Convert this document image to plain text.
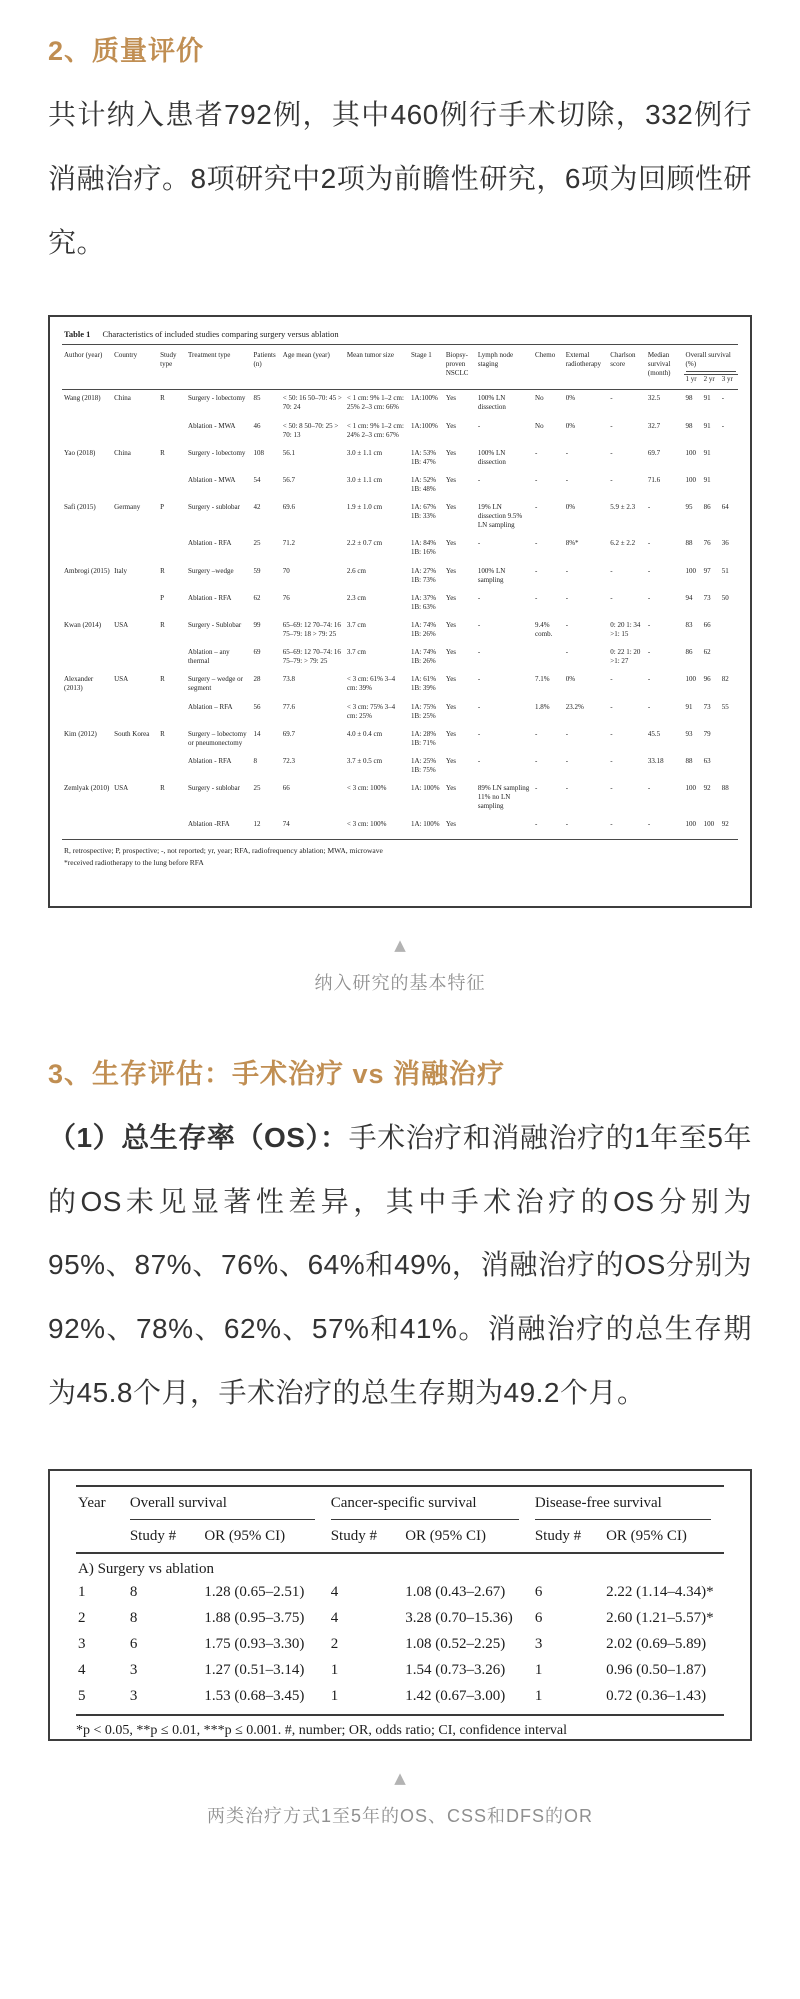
2、质量评价

共计纳入患者792例，其中460例行手术切除，332例行消融治疗。8项研究中2项为前瞻性研究，6项为回顾性研究。

Table 1 Characteristics of included studies comparing surgery versus ablation
Author (year)	Country	Study type	Treatment type	Patients (n)	Age mean (year)	Mean tumor size	Stage 1	Biopsy-proven NSCLC	Lymph node staging	Chemo	External radiotherapy	Charlson score	Median survival (month)	Overall survival (%)		

														1 yr	2 yr	3 yr
Wang (2018)	China	R	Surgery - lobectomy	85	< 50: 16 50–70: 45 > 70: 24	< 1 cm: 9% 1–2 cm: 25% 2–3 cm: 66%	1A:100%	Yes	100% LN dissection	No	0%	-	32.5	98	91	-
			Ablation - MWA	46	< 50: 8 50–70: 25 > 70: 13	< 1 cm: 9% 1–2 cm: 24% 2–3 cm: 67%	1A:100%	Yes	-	No	0%	-	32.7	98	91	-
Yao (2018)	China	R	Surgery - lobectomy	108	56.1	3.0 ± 1.1 cm	1A: 53% 1B: 47%	Yes	100% LN dissection	-	-	-	69.7	100	91	
			Ablation - MWA	54	56.7	3.0 ± 1.1 cm	1A: 52% 1B: 48%	Yes	-	-	-	-	71.6	100	91	
Safi (2015)	Germany	P	Surgery - sublobar	42	69.6	1.9 ± 1.0 cm	1A: 67% 1B: 33%	Yes	19% LN dissection 9.5% LN sampling	-	0%	5.9 ± 2.3	-	95	86	64
			Ablation - RFA	25	71.2	2.2 ± 0.7 cm	1A: 84% 1B: 16%	Yes	-	-	8%*	6.2 ± 2.2	-	88	76	36
Ambrogi (2015)	Italy	R	Surgery –wedge	59	70	2.6 cm	1A: 27% 1B: 73%	Yes	100% LN sampling	-	-	-	-	100	97	51
		P	Ablation - RFA	62	76	2.3 cm	1A: 37% 1B: 63%	Yes	-	-	-	-	-	94	73	50
Kwan (2014)	USA	R	Surgery - Sublobar	99	65–69: 12 70–74: 16 75–79: 18 > 79: 25	3.7 cm	1A: 74% 1B: 26%	Yes	-	9.4% comb.	-	0: 20 1: 34 >1: 15	-	83	66	
			Ablation – any thermal	69	65–69: 12 70–74: 16 75–79: > 79: 25	3.7 cm	1A: 74% 1B: 26%	Yes	-		-	0: 22 1: 20 >1: 27	-	86	62	
Alexander (2013)	USA	R	Surgery – wedge or segment	28	73.8	< 3 cm: 61% 3–4 cm: 39%	1A: 61% 1B: 39%	Yes	-	7.1%	0%	-	-	100	96	82
			Ablation – RFA	56	77.6	< 3 cm: 75% 3–4 cm: 25%	1A: 75% 1B: 25%	Yes	-	1.8%	23.2%	-	-	91	73	55
Kim (2012)	South Korea	R	Surgery – lobectomy or pneumonectomy	14	69.7	4.0 ± 0.4 cm	1A: 28% 1B: 71%	Yes	-	-	-	-	45.5	93	79	
			Ablation - RFA	8	72.3	3.7 ± 0.5 cm	1A: 25% 1B: 75%	Yes	-	-	-	-	33.18	88	63	
Zemlyak (2010)	USA	R	Surgery - sublobar	25	66	< 3 cm: 100%	1A: 100%	Yes	89% LN sampling 11% no LN sampling	-	-	-	-	100	92	88
			Ablation -RFA	12	74	< 3 cm: 100%	1A: 100%	Yes		-	-	-	-	100	100	92
R, retrospective; P, prospective; -, not reported; yr, year; RFA, radiofrequency ablation; MWA, microwave
*received radiotherapy to the lung before RFA
▲
纳入研究的基本特征
3、生存评估：手术治疗 vs 消融治疗

（1）总生存率（OS）：手术治疗和消融治疗的1年至5年的OS未见显著性差异，其中手术治疗的OS分别为95%、87%、76%、64%和49%，消融治疗的OS分别为92%、78%、62%、57%和41%。消融治疗的总生存期为45.8个月，手术治疗的总生存期为49.2个月。

Year	Overall survival		Cancer-specific survival		Disease-free survival	

	Study #	OR (95% CI)	Study #	OR (95% CI)	Study #	OR (95% CI)
A) Surgery vs ablation						
1	8	1.28 (0.65–2.51)	4	1.08 (0.43–2.67)	6	2.22 (1.14–4.34)*
2	8	1.88 (0.95–3.75)	4	3.28 (0.70–15.36)	6	2.60 (1.21–5.57)*
3	6	1.75 (0.93–3.30)	2	1.08 (0.52–2.25)	3	2.02 (0.69–5.89)
4	3	1.27 (0.51–3.14)	1	1.54 (0.73–3.26)	1	0.96 (0.50–1.87)
5	3	1.53 (0.68–3.45)	1	1.42 (0.67–3.00)	1	0.72 (0.36–1.43)
*p < 0.05, **p ≤ 0.01, ***p ≤ 0.001. #, number; OR, odds ratio; CI, confidence interval
▲
两类治疗方式1至5年的OS、CSS和DFS的OR
